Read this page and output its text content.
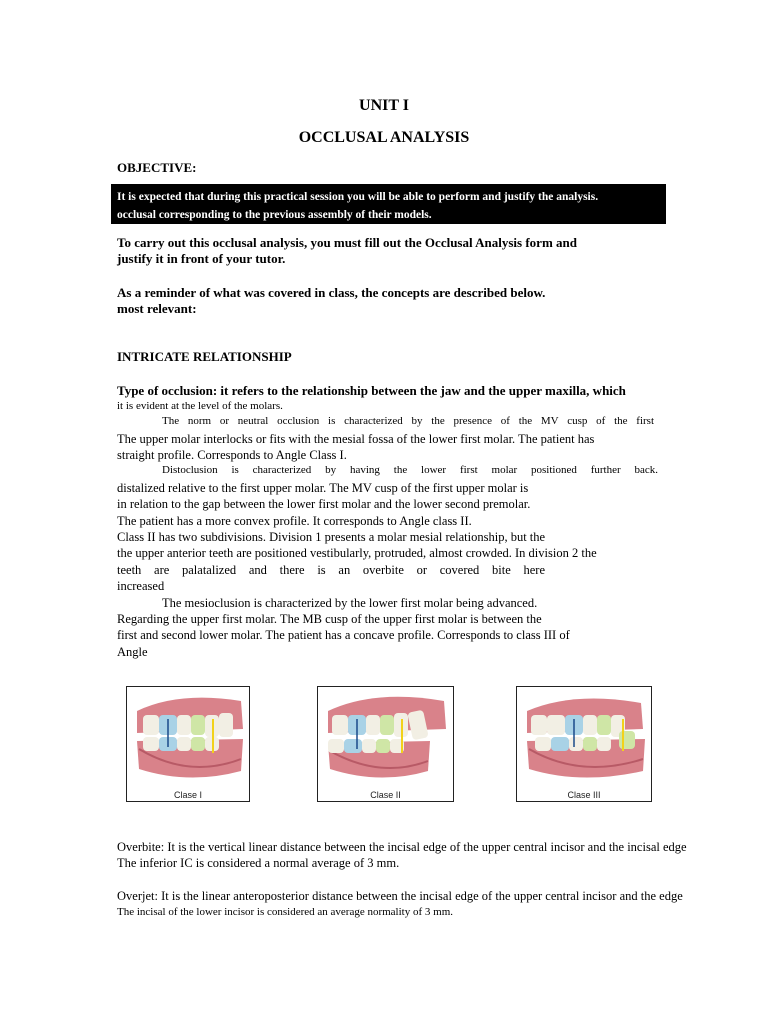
UNIT I
OCCLUSAL ANALYSIS
OBJECTIVE:
It is expected that during this practical session you will be able to perform and justify the analysis.
occlusal corresponding to the previous assembly of their models.
To carry out this occlusal analysis, you must fill out the Occlusal Analysis form and
justify it in front of your tutor.
As a reminder of what was covered in class, the concepts are described below.
most relevant:
INTRICATE RELATIONSHIP
Type of occlusion: it refers to the relationship between the jaw and the upper maxilla, which
it is evident at the level of the molars.
The norm or neutral occlusion is characterized by the presence of the MV cusp of the first
The upper molar interlocks or fits with the mesial fossa of the lower first molar. The patient has
straight profile. Corresponds to Angle Class I.
Distoclusion is characterized by having the lower first molar positioned further back.
distalized relative to the first upper molar. The MV cusp of the first upper molar is
in relation to the gap between the lower first molar and the lower second premolar.
The patient has a more convex profile. It corresponds to Angle class II.
Class II has two subdivisions. Division 1 presents a molar mesial relationship, but the
the upper anterior teeth are positioned vestibularly, protruded, almost crowded. In division 2 the
teeth are palatalized and there is an overbite or covered bite here
increased
The mesioclusion is characterized by the lower first molar being advanced.
Regarding the upper first molar. The MB cusp of the upper first molar is between the
first and second lower molar. The patient has a concave profile. Corresponds to class III of
Angle
Clase I	Clase II	Clase III
Overbite: It is the vertical linear distance between the incisal edge of the upper central incisor and the incisal edge
The inferior IC is considered a normal average of 3 mm.
Overjet: It is the linear anteroposterior distance between the incisal edge of the upper central incisor and the edge
The incisal of the lower incisor is considered an average normality of 3 mm.
